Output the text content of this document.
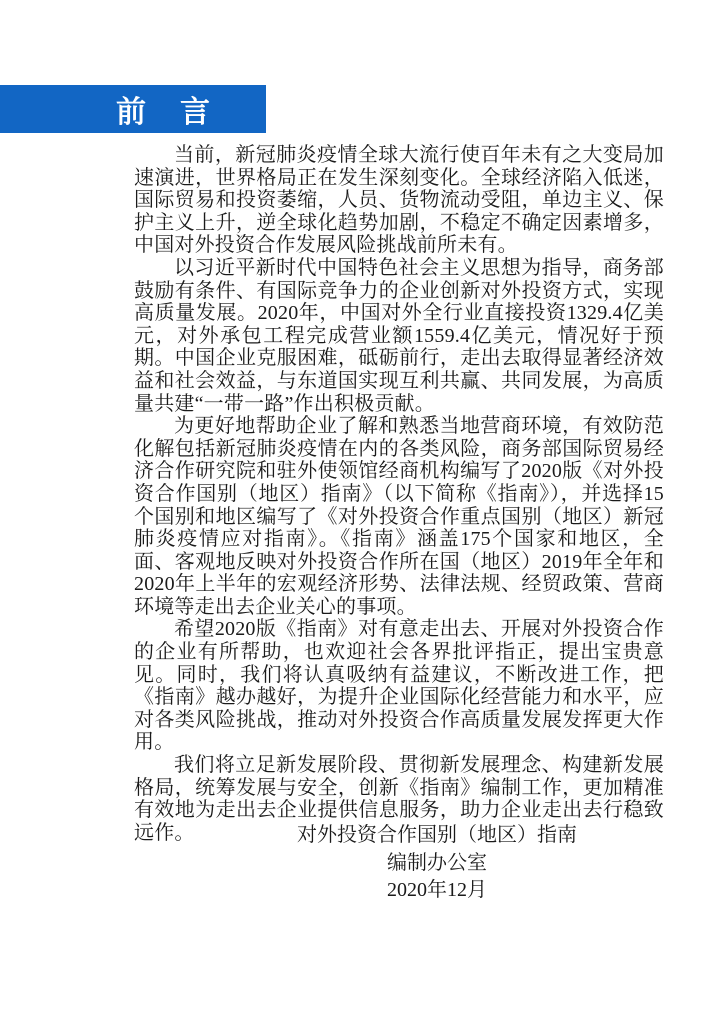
前　言

当前，新冠肺炎疫情全球大流行使百年未有之大变局加速演进，世界格局正在发生深刻变化。全球经济陷入低迷，国际贸易和投资萎缩，人员、货物流动受阻，单边主义、保护主义上升，逆全球化趋势加剧，不稳定不确定因素增多，中国对外投资合作发展风险挑战前所未有。

以习近平新时代中国特色社会主义思想为指导，商务部鼓励有条件、有国际竞争力的企业创新对外投资方式，实现高质量发展。2020年，中国对外全行业直接投资1329.4亿美元，对外承包工程完成营业额1559.4亿美元，情况好于预期。中国企业克服困难，砥砺前行，走出去取得显著经济效益和社会效益，与东道国实现互利共赢、共同发展，为高质量共建“一带一路”作出积极贡献。

为更好地帮助企业了解和熟悉当地营商环境，有效防范化解包括新冠肺炎疫情在内的各类风险，商务部国际贸易经济合作研究院和驻外使领馆经商机构编写了2020版《对外投资合作国别（地区）指南》（以下简称《指南》），并选择15个国别和地区编写了《对外投资合作重点国别（地区）新冠肺炎疫情应对指南》。《指南》涵盖175个国家和地区，全面、客观地反映对外投资合作所在国（地区）2019年全年和2020年上半年的宏观经济形势、法律法规、经贸政策、营商环境等走出去企业关心的事项。

希望2020版《指南》对有意走出去、开展对外投资合作的企业有所帮助，也欢迎社会各界批评指正，提出宝贵意见。同时，我们将认真吸纳有益建议，不断改进工作，把《指南》越办越好，为提升企业国际化经营能力和水平，应对各类风险挑战，推动对外投资合作高质量发展发挥更大作用。

我们将立足新发展阶段、贯彻新发展理念、构建新发展格局，统筹发展与安全，创新《指南》编制工作，更加精准有效地为走出去企业提供信息服务，助力企业走出去行稳致远作。	对外投资合作国别（地区）指南
编制办公室
2020年12月
